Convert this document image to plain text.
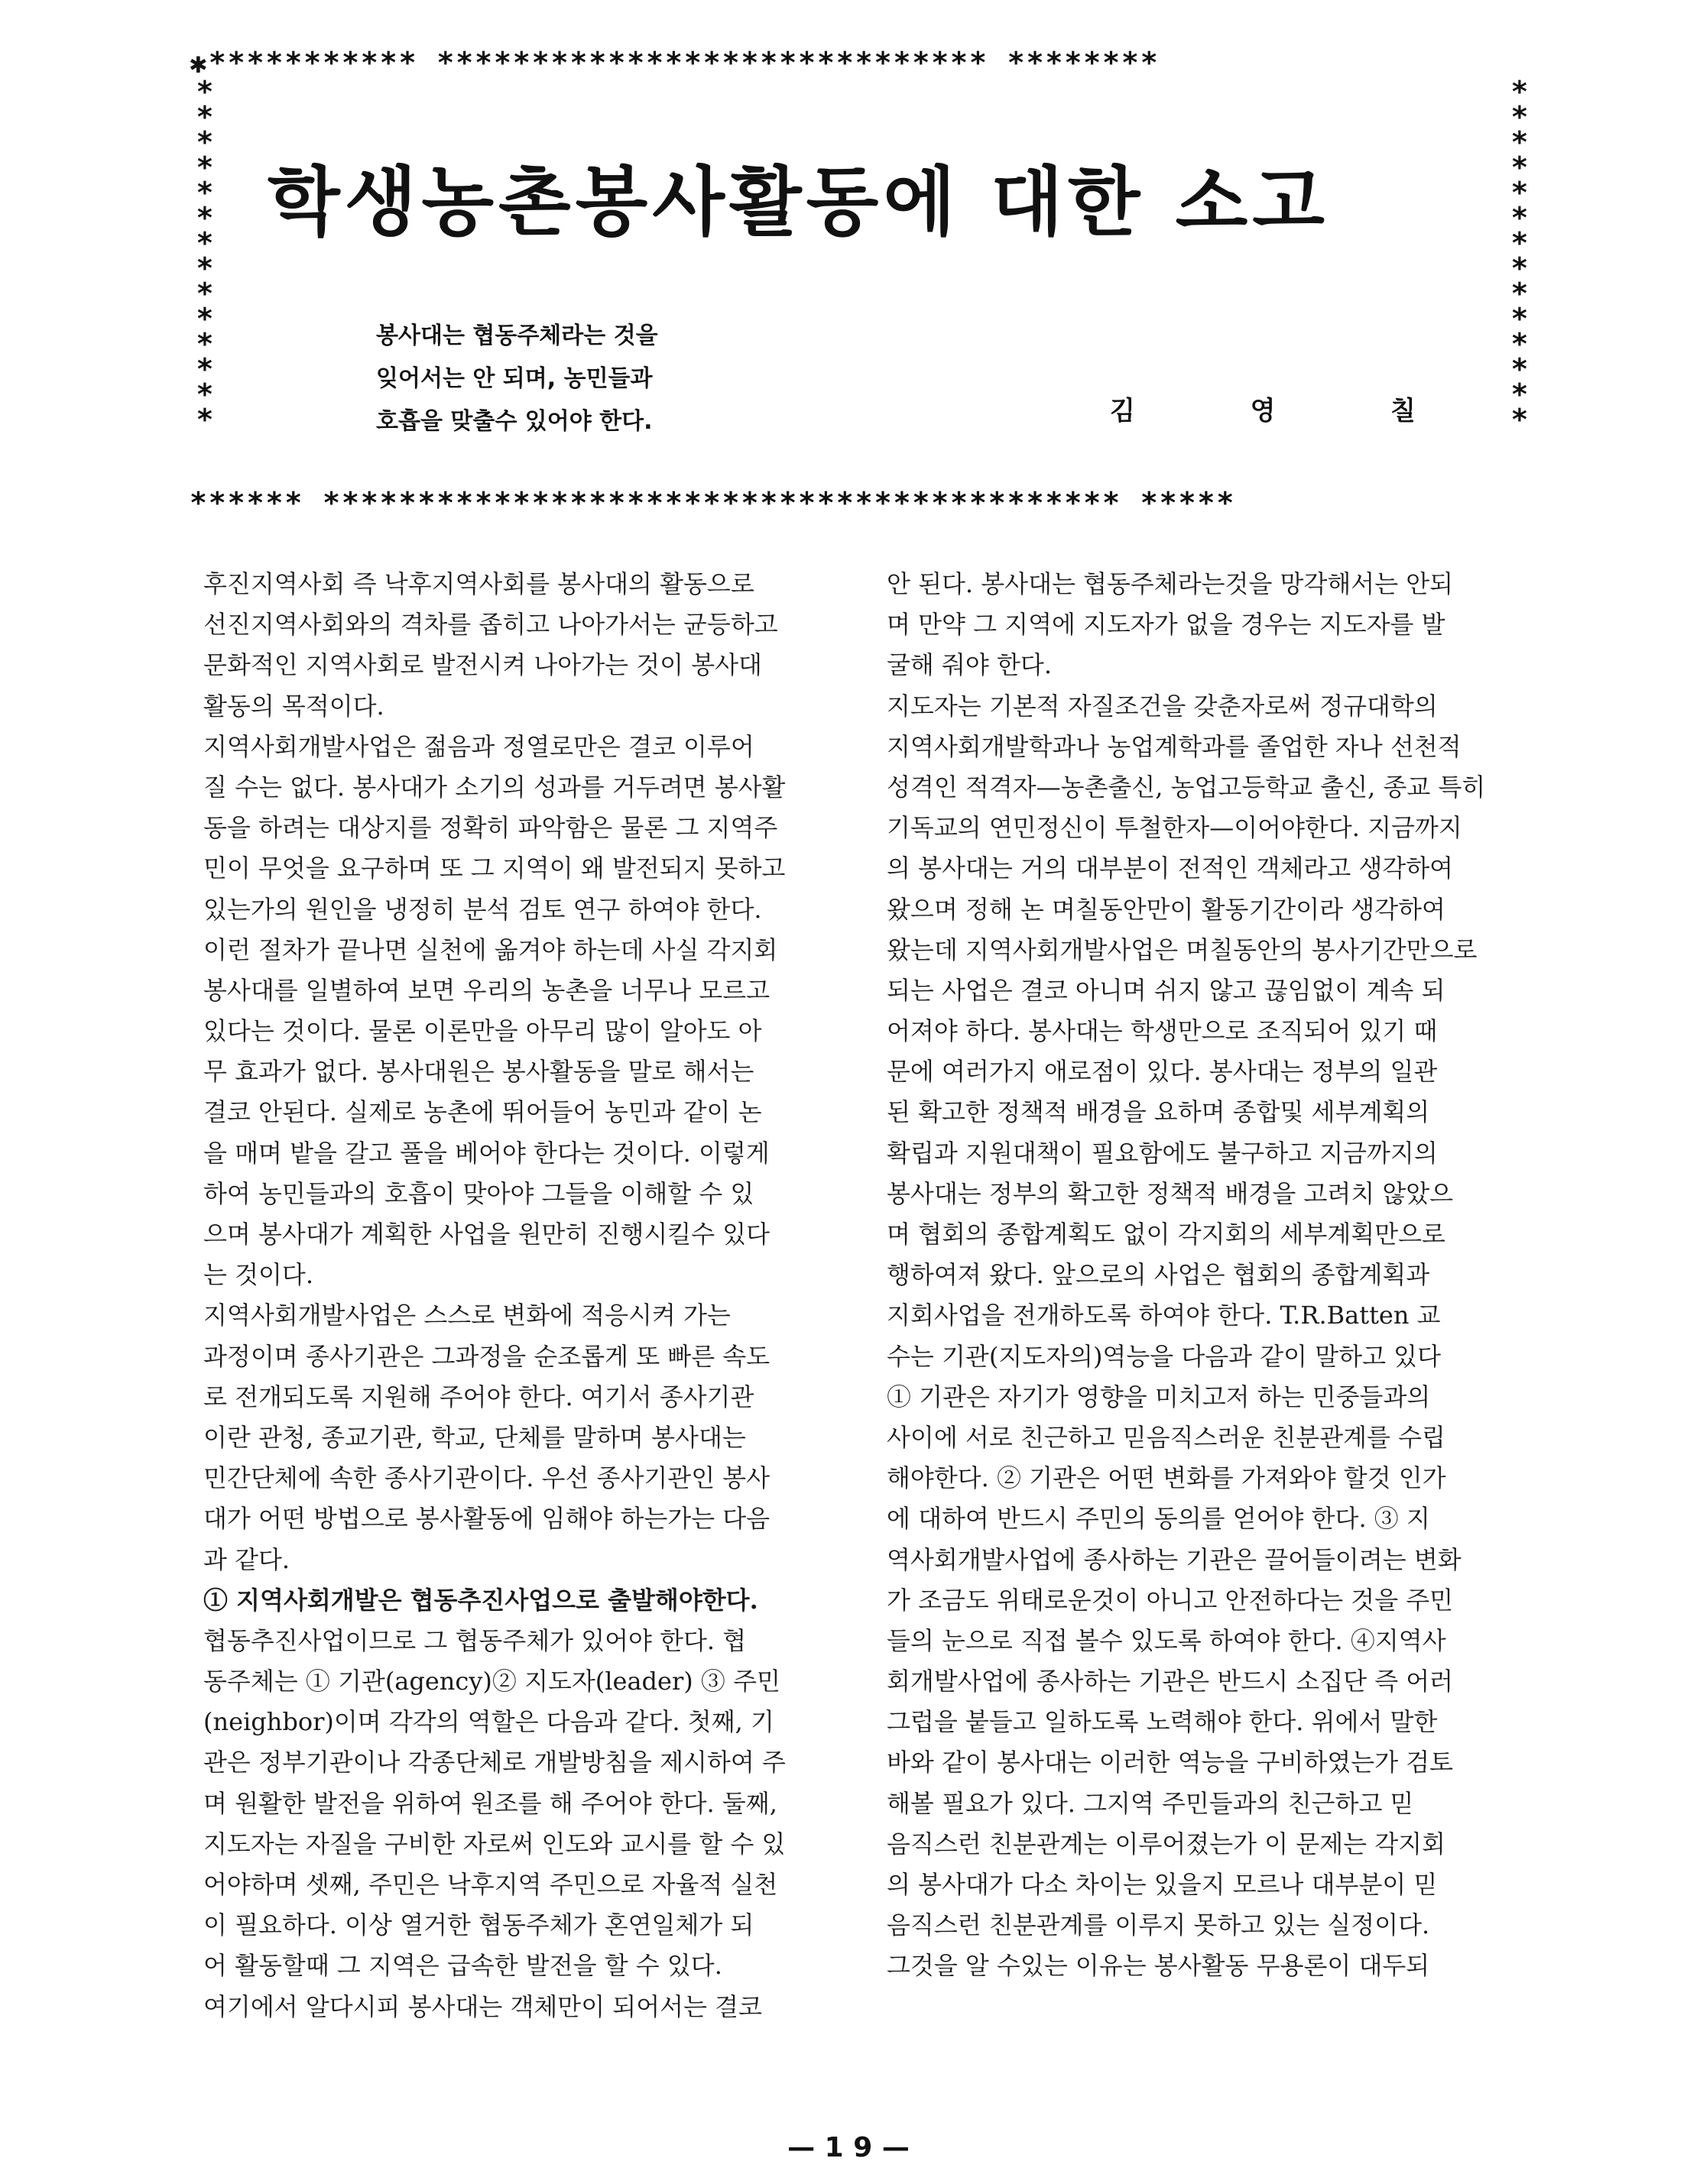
✱*********** ***************************** ********
**************
**************
****** ****************************************** *****
학생농촌봉사활동에 대한 소고
봉사대는 협동주체라는 것을
잊어서는 안 되며, 농민들과
호흡을 맞출수 있어야 한다.	김	영	칠
후진지역사회 즉 낙후지역사회를 봉사대의 활동으로
선진지역사회와의 격차를 좁히고 나아가서는 균등하고
문화적인 지역사회로 발전시켜 나아가는 것이 봉사대
활동의 목적이다.
지역사회개발사업은 젊음과 정열로만은 결코 이루어
질 수는 없다. 봉사대가 소기의 성과를 거두려면 봉사활
동을 하려는 대상지를 정확히 파악함은 물론 그 지역주
민이 무엇을 요구하며 또 그 지역이 왜 발전되지 못하고
있는가의 원인을 냉정히 분석 검토 연구 하여야 한다.
이런 절차가 끝나면 실천에 옮겨야 하는데 사실 각지회
봉사대를 일별하여 보면 우리의 농촌을 너무나 모르고
있다는 것이다. 물론 이론만을 아무리 많이 알아도 아
무 효과가 없다. 봉사대원은 봉사활동을 말로 해서는
결코 안된다. 실제로 농촌에 뛰어들어 농민과 같이 논
을 매며 밭을 갈고 풀을 베어야 한다는 것이다. 이렇게
하여 농민들과의 호흡이 맞아야 그들을 이해할 수 있
으며 봉사대가 계획한 사업을 원만히 진행시킬수 있다
는 것이다.
지역사회개발사업은 스스로 변화에 적응시켜 가는
과정이며 종사기관은 그과정을 순조롭게 또 빠른 속도
로 전개되도록 지원해 주어야 한다. 여기서 종사기관
이란 관청, 종교기관, 학교, 단체를 말하며 봉사대는
민간단체에 속한 종사기관이다. 우선 종사기관인 봉사
대가 어떤 방법으로 봉사활동에 임해야 하는가는 다음
과 같다.
① 지역사회개발은 협동추진사업으로 출발해야한다.
협동추진사업이므로 그 협동주체가 있어야 한다. 협
동주체는 ① 기관(agency)② 지도자(leader) ③ 주민
(neighbor)이며 각각의 역할은 다음과 같다. 첫째, 기
관은 정부기관이나 각종단체로 개발방침을 제시하여 주
며 원활한 발전을 위하여 원조를 해 주어야 한다. 둘째,
지도자는 자질을 구비한 자로써 인도와 교시를 할 수 있
어야하며 셋째, 주민은 낙후지역 주민으로 자율적 실천
이 필요하다. 이상 열거한 협동주체가 혼연일체가 되
어 활동할때 그 지역은 급속한 발전을 할 수 있다.
여기에서 알다시피 봉사대는 객체만이 되어서는 결코
안 된다. 봉사대는 협동주체라는것을 망각해서는 안되
며 만약 그 지역에 지도자가 없을 경우는 지도자를 발
굴해 줘야 한다.
지도자는 기본적 자질조건을 갖춘자로써 정규대학의
지역사회개발학과나 농업계학과를 졸업한 자나 선천적
성격인 적격자—농촌출신, 농업고등학교 출신, 종교 특히
기독교의 연민정신이 투철한자—이어야한다. 지금까지
의 봉사대는 거의 대부분이 전적인 객체라고 생각하여
왔으며 정해 논 며칠동안만이 활동기간이라 생각하여
왔는데 지역사회개발사업은 며칠동안의 봉사기간만으로
되는 사업은 결코 아니며 쉬지 않고 끊임없이 계속 되
어져야 하다. 봉사대는 학생만으로 조직되어 있기 때
문에 여러가지 애로점이 있다. 봉사대는 정부의 일관
된 확고한 정책적 배경을 요하며 종합및 세부계획의
확립과 지원대책이 필요함에도 불구하고 지금까지의
봉사대는 정부의 확고한 정책적 배경을 고려치 않았으
며 협회의 종합계획도 없이 각지회의 세부계획만으로
행하여져 왔다. 앞으로의 사업은 협회의 종합계획과
지회사업을 전개하도록 하여야 한다. T.R.Batten 교
수는 기관(지도자의)역능을 다음과 같이 말하고 있다
① 기관은 자기가 영향을 미치고저 하는 민중들과의
사이에 서로 친근하고 믿음직스러운 친분관계를 수립
해야한다. ② 기관은 어떤 변화를 가져와야 할것 인가
에 대하여 반드시 주민의 동의를 얻어야 한다. ③ 지
역사회개발사업에 종사하는 기관은 끌어들이려는 변화
가 조금도 위태로운것이 아니고 안전하다는 것을 주민
들의 눈으로 직접 볼수 있도록 하여야 한다. ④지역사
회개발사업에 종사하는 기관은 반드시 소집단 즉 어러
그럽을 붙들고 일하도록 노력해야 한다. 위에서 말한
바와 같이 봉사대는 이러한 역능을 구비하였는가 검토
해볼 필요가 있다. 그지역 주민들과의 친근하고 믿
음직스런 친분관계는 이루어졌는가 이 문제는 각지회
의 봉사대가 다소 차이는 있을지 모르나 대부분이 믿
음직스런 친분관계를 이루지 못하고 있는 실정이다.
그것을 알 수있는 이유는 봉사활동 무용론이 대두되
— 1 9 —
